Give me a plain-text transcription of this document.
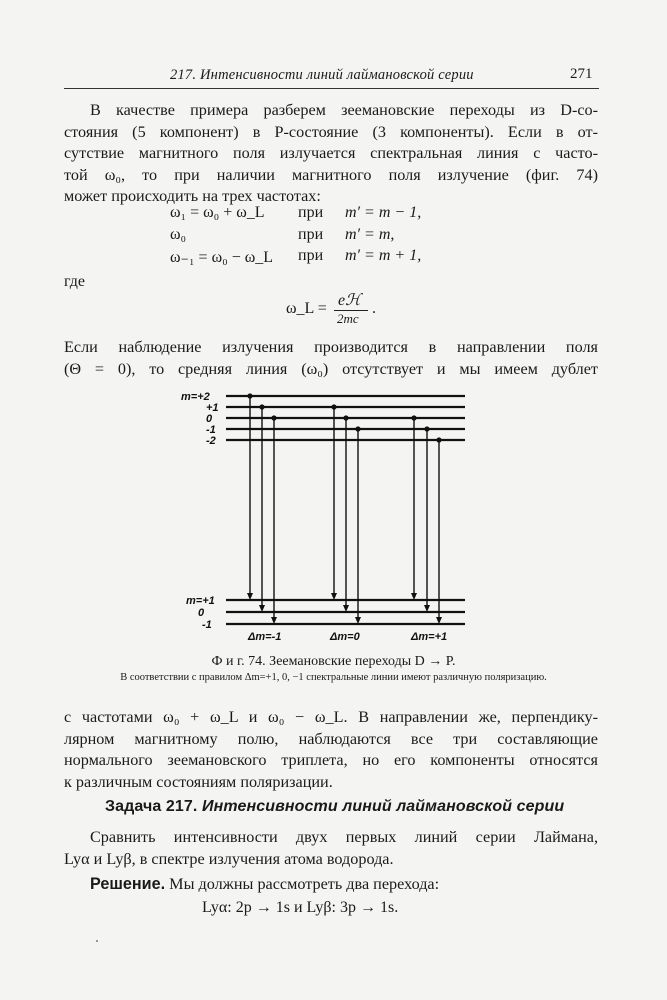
217. Интенсивности линий лаймановской серии	271
В качестве примера разберем зеемановские переходы из D-со-
стояния (5 компонент) в P-состояние (3 компоненты). Если в от-
сутствие магнитного поля излучается спектральная линия с часто-
той ω₀, то при наличии магнитного поля излучение (фиг. 74)
может происходить на трех частотах:
ω₁ = ω₀ + ω_L при m′ = m − 1,
ω₀	при m′ = m,
ω₋₁ = ω₀ − ω_L при m′ = m + 1,
где
ω_L = eℋ
2mc
.
Если наблюдение излучения производится в направлении поля
(Θ = 0), то средняя линия (ω₀) отсутствует и мы имеем дублет
m=+2
+1
0
-1
-2
m=+1
0
-1
Δm=-1	Δm=0	Δm=+1
Ф и г. 74. Зеемановские переходы D → P.
В соответствии с правилом Δm=+1, 0, −1 спектральные линии имеют различную поляризацию.
с частотами ω₀ + ω_L и ω₀ − ω_L. В направлении же, перпендику-
лярном магнитному полю, наблюдаются все три составляющие
нормального зеемановского триплета, но его компоненты относятся
к различным состояниям поляризации.
Задача 217. Интенсивности линий лаймановской серии
Сравнить интенсивности двух первых линий серии Лаймана,
Lyα и Lyβ, в спектре излучения атома водорода.
Решение. Мы должны рассмотреть два перехода:
Lyα: 2p → 1s и Lyβ: 3p → 1s.
